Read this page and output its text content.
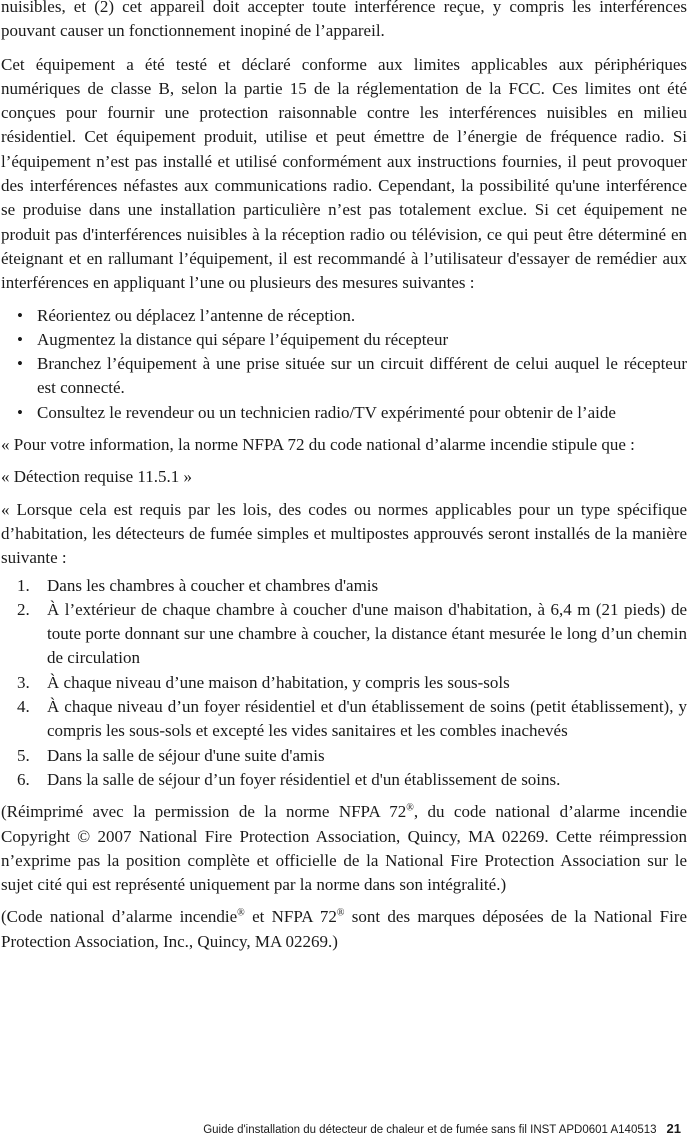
nuisibles, et (2) cet appareil doit accepter toute interférence reçue, y compris les interférences pouvant causer un fonctionnement inopiné de l’appareil.

Cet équipement a été testé et déclaré conforme aux limites applicables aux périphériques numériques de classe B, selon la partie 15 de la réglementation de la FCC. Ces limites ont été conçues pour fournir une protection raisonnable contre les interférences nuisibles en milieu résidentiel. Cet équipement produit, utilise et peut émettre de l’énergie de fréquence radio. Si l’équipement n’est pas installé et utilisé conformément aux instructions fournies, il peut provoquer des interférences néfastes aux communications radio. Cependant, la possibilité qu'une interférence se produise dans une installation particulière n’est pas totalement exclue. Si cet équipement ne produit pas d'interférences nuisibles à la réception radio ou télévision, ce qui peut être déterminé en éteignant et en rallumant l’équipement, il est recommandé à l’utilisateur d'essayer de remédier aux interférences en appliquant l’une ou plusieurs des mesures suivantes :

• Réorientez ou déplacez l’antenne de réception.
• Augmentez la distance qui sépare l’équipement du récepteur
• Branchez l’équipement à une prise située sur un circuit différent de celui auquel le récepteur est connecté.
• Consultez le revendeur ou un technicien radio/TV expérimenté pour obtenir de l’aide

« Pour votre information, la norme NFPA 72 du code national d’alarme incendie stipule que :

« Détection requise 11.5.1 »

« Lorsque cela est requis par les lois, des codes ou normes applicables pour un type spécifique d’habitation, les détecteurs de fumée simples et multipostes approuvés seront installés de la manière suivante :

1. Dans les chambres à coucher et chambres d'amis
2. À l’extérieur de chaque chambre à coucher d'une maison d'habitation, à 6,4 m (21 pieds) de toute porte donnant sur une chambre à coucher, la distance étant mesurée le long d’un chemin de circulation
3. À chaque niveau d’une maison d’habitation, y compris les sous-sols
4. À chaque niveau d’un foyer résidentiel et d'un établissement de soins (petit établissement), y compris les sous-sols et excepté les vides sanitaires et les combles inachevés
5. Dans la salle de séjour d'une suite d'amis
6. Dans la salle de séjour d’un foyer résidentiel et d'un établissement de soins.

(Réimprimé avec la permission de la norme NFPA 72®, du code national d’alarme incendie Copyright © 2007 National Fire Protection Association, Quincy, MA 02269. Cette réimpression n’exprime pas la position complète et officielle de la National Fire Protection Association sur le sujet cité qui est représenté uniquement par la norme dans son intégralité.)

(Code national d’alarme incendie® et NFPA 72® sont des marques déposées de la National Fire Protection Association, Inc., Quincy, MA 02269.)

Guide d'installation du détecteur de chaleur et de fumée sans fil INST APD0601 A140513 21
